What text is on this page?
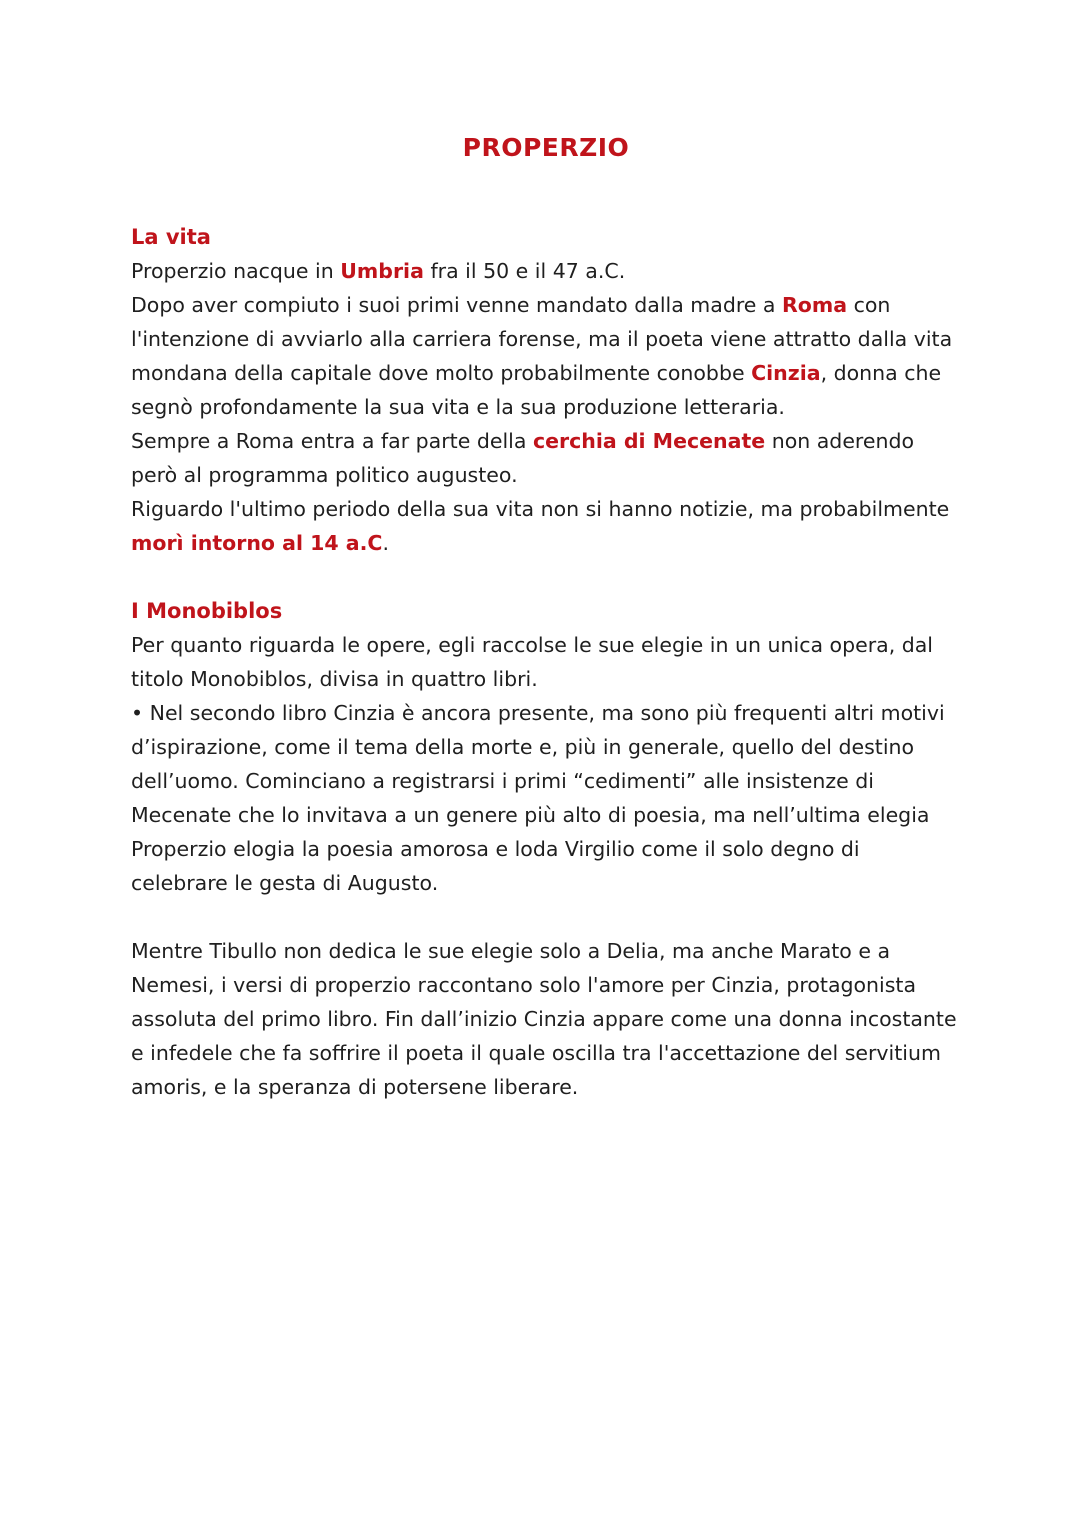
PROPERZIO
La vita

Properzio nacque in Umbria fra il 50 e il 47 a.C.

Dopo aver compiuto i suoi primi venne mandato dalla madre a Roma con l'intenzione di avviarlo alla carriera forense, ma il poeta viene attratto dalla vita mondana della capitale dove molto probabilmente conobbe Cinzia, donna che segnò profondamente la sua vita e la sua produzione letteraria.

Sempre a Roma entra a far parte della cerchia di Mecenate non aderendo però al programma politico augusteo.

Riguardo l'ultimo periodo della sua vita non si hanno notizie, ma probabilmente morì intorno al 14 a.C.

I Monobiblos

Per quanto riguarda le opere, egli raccolse le sue elegie in un unica opera, dal titolo Monobiblos, divisa in quattro libri.

• Nel secondo libro Cinzia è ancora presente, ma sono più frequenti altri motivi d’ispirazione, come il tema della morte e, più in generale, quello del destino dell’uomo. Cominciano a registrarsi i primi “cedimenti” alle insistenze di Mecenate che lo invitava a un genere più alto di poesia, ma nell’ultima elegia Properzio elogia la poesia amorosa e loda Virgilio come il solo degno di celebrare le gesta di Augusto.

Mentre Tibullo non dedica le sue elegie solo a Delia, ma anche Marato e a Nemesi, i versi di properzio raccontano solo l'amore per Cinzia, protagonista assoluta del primo libro. Fin dall’inizio Cinzia appare come una donna incostante e infedele che fa soffrire il poeta il quale oscilla tra l'accettazione del servitium amoris, e la speranza di potersene liberare.
